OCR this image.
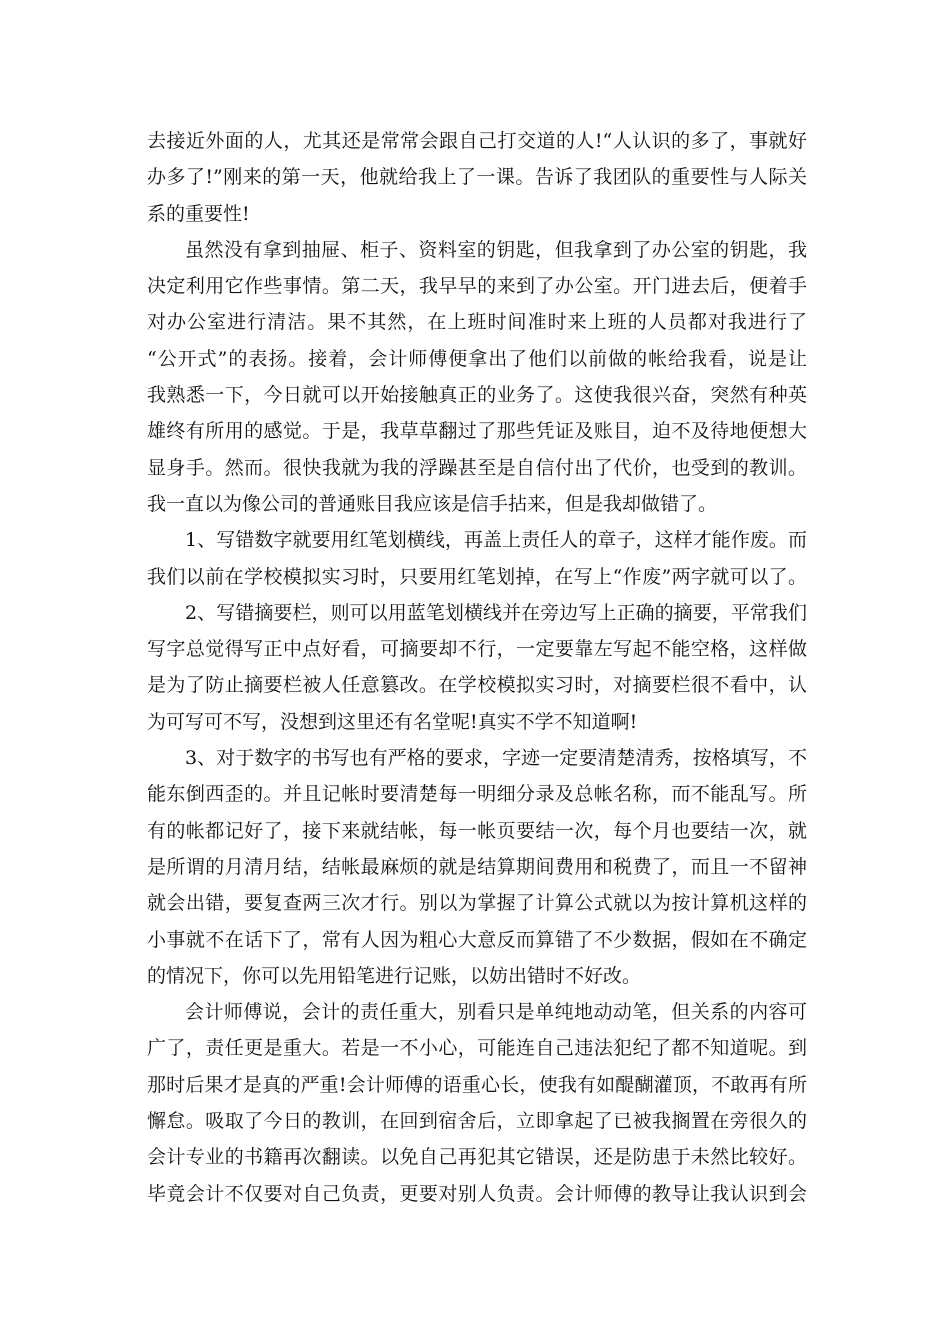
去接近外面的人，尤其还是常常会跟自己打交道的人!“人认识的多了，事就好
办多了!”刚来的第一天，他就给我上了一课。告诉了我团队的重要性与人际关
系的重要性!
虽然没有拿到抽屉、柜子、资料室的钥匙，但我拿到了办公室的钥匙，我
决定利用它作些事情。第二天，我早早的来到了办公室。开门进去后，便着手
对办公室进行清洁。果不其然，在上班时间准时来上班的人员都对我进行了
“公开式”的表扬。接着，会计师傅便拿出了他们以前做的帐给我看，说是让
我熟悉一下，今日就可以开始接触真正的业务了。这使我很兴奋，突然有种英
雄终有所用的感觉。于是，我草草翻过了那些凭证及账目，迫不及待地便想大
显身手。然而。很快我就为我的浮躁甚至是自信付出了代价，也受到的教训。
我一直以为像公司的普通账目我应该是信手拈来，但是我却做错了。
1、写错数字就要用红笔划横线，再盖上责任人的章子，这样才能作废。而
我们以前在学校模拟实习时，只要用红笔划掉，在写上“作废”两字就可以了。
2、写错摘要栏，则可以用蓝笔划横线并在旁边写上正确的摘要，平常我们
写字总觉得写正中点好看，可摘要却不行，一定要靠左写起不能空格，这样做
是为了防止摘要栏被人任意篡改。在学校模拟实习时，对摘要栏很不看中，认
为可写可不写，没想到这里还有名堂呢!真实不学不知道啊!
3、对于数字的书写也有严格的要求，字迹一定要清楚清秀，按格填写，不
能东倒西歪的。并且记帐时要清楚每一明细分录及总帐名称，而不能乱写。所
有的帐都记好了，接下来就结帐，每一帐页要结一次，每个月也要结一次，就
是所谓的月清月结，结帐最麻烦的就是结算期间费用和税费了，而且一不留神
就会出错，要复查两三次才行。别以为掌握了计算公式就以为按计算机这样的
小事就不在话下了，常有人因为粗心大意反而算错了不少数据，假如在不确定
的情况下，你可以先用铅笔进行记账，以妨出错时不好改。
会计师傅说，会计的责任重大，别看只是单纯地动动笔，但关系的内容可
广了，责任更是重大。若是一不小心，可能连自己违法犯纪了都不知道呢。到
那时后果才是真的严重!会计师傅的语重心长，使我有如醍醐灌顶，不敢再有所
懈怠。吸取了今日的教训，在回到宿舍后，立即拿起了已被我搁置在旁很久的
会计专业的书籍再次翻读。以免自己再犯其它错误，还是防患于未然比较好。
毕竟会计不仅要对自己负责，更要对别人负责。会计师傅的教导让我认识到会
